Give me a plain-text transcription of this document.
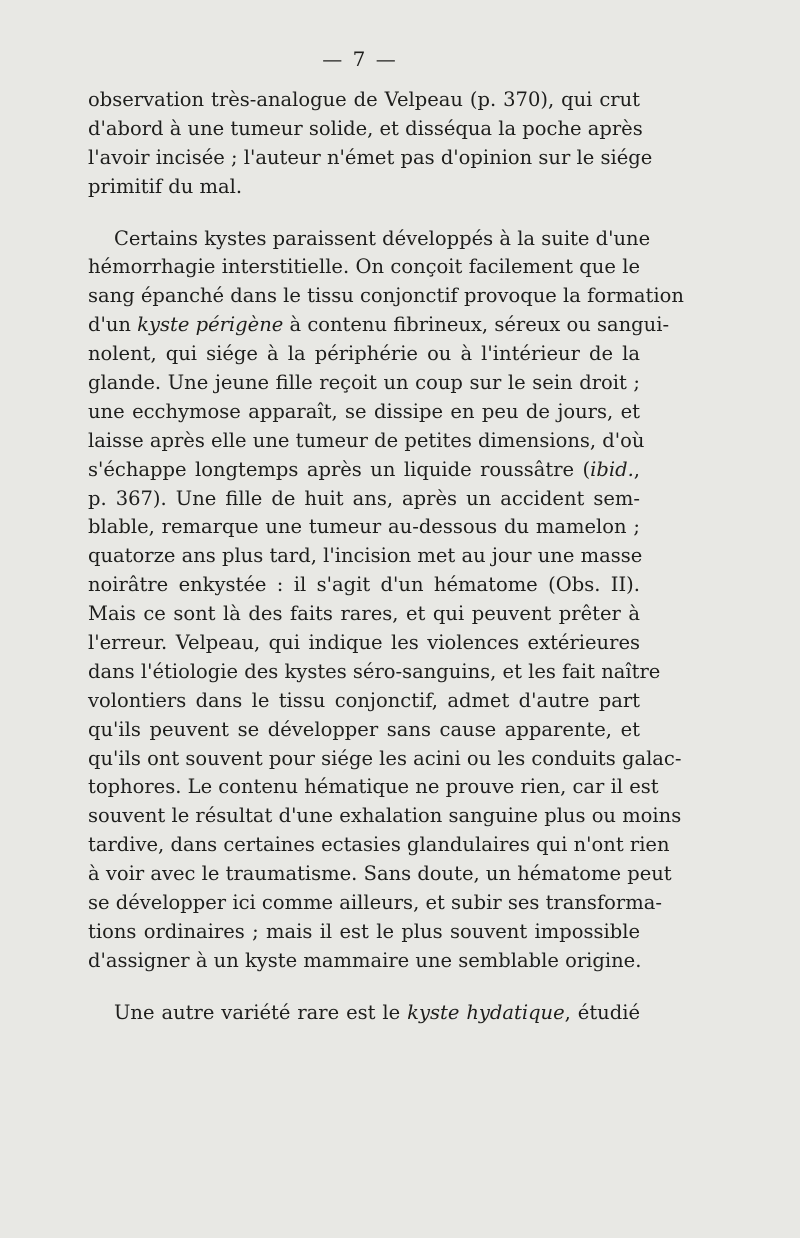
— 7 —
observation très-analogue de Velpeau (p. 370), qui crut
d'abord à une tumeur solide, et disséqua la poche après
l'avoir incisée ; l'auteur n'émet pas d'opinion sur le siége
primitif du mal.
Certains kystes paraissent développés à la suite d'une
hémorrhagie interstitielle. On conçoit facilement que le
sang épanché dans le tissu conjonctif provoque la formation
d'un kyste périgène à contenu fibrineux, séreux ou sangui-
nolent, qui siége à la périphérie ou à l'intérieur de la
glande. Une jeune fille reçoit un coup sur le sein droit ;
une ecchymose apparaît, se dissipe en peu de jours, et
laisse après elle une tumeur de petites dimensions, d'où
s'échappe longtemps après un liquide roussâtre (ibid.,
p. 367). Une fille de huit ans, après un accident sem-
blable, remarque une tumeur au-dessous du mamelon ;
quatorze ans plus tard, l'incision met au jour une masse
noirâtre enkystée : il s'agit d'un hématome (Obs. II).
Mais ce sont là des faits rares, et qui peuvent prêter à
l'erreur. Velpeau, qui indique les violences extérieures
dans l'étiologie des kystes séro-sanguins, et les fait naître
volontiers dans le tissu conjonctif, admet d'autre part
qu'ils peuvent se développer sans cause apparente, et
qu'ils ont souvent pour siége les acini ou les conduits galac-
tophores. Le contenu hématique ne prouve rien, car il est
souvent le résultat d'une exhalation sanguine plus ou moins
tardive, dans certaines ectasies glandulaires qui n'ont rien
à voir avec le traumatisme. Sans doute, un hématome peut
se développer ici comme ailleurs, et subir ses transforma-
tions ordinaires ; mais il est le plus souvent impossible
d'assigner à un kyste mammaire une semblable origine.
Une autre variété rare est le kyste hydatique, étudié
